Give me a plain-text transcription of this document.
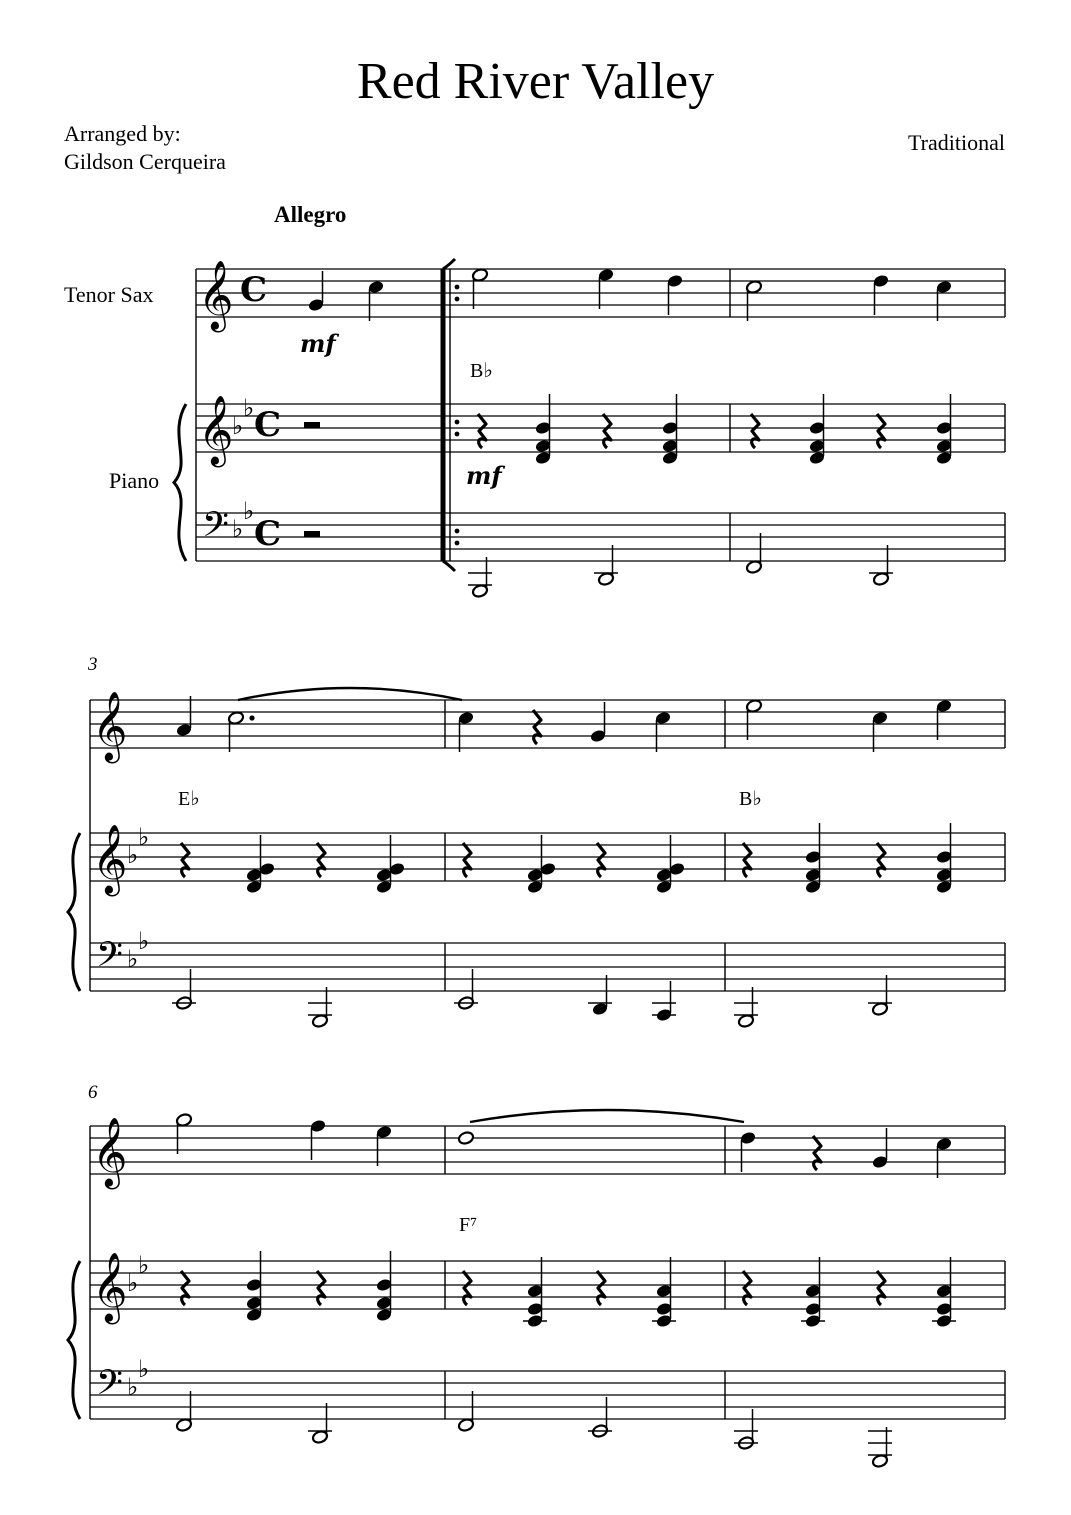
Red River Valley
Arranged by:
Gildson Cerqueira
Traditional
Allegro
Tenor Sax
Piano
3
6
B♭
E♭	B♭
F⁷
𝄞 C
𝄞
♭
♭ C
𝄢 ♭
♭
C
mf
mf
𝄞
𝄞 ♭
♭
𝄢 ♭
♭
𝄞
𝄞 ♭
♭
𝄢 ♭
♭
